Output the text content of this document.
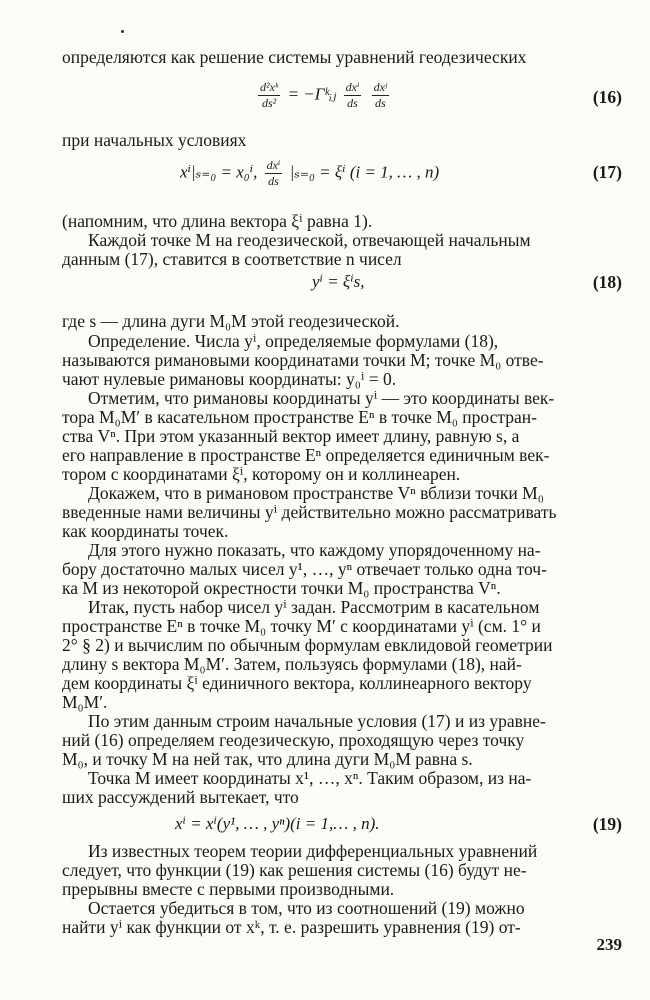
определяются как решение системы уравнений геодезических
$\frac{\text{d²xᵏ}}{\text{ds²}}$ = −Γᵏᵢⱼ $\frac{\text{dxⁱ}}{ds}$
$\frac{\text{dxʲ}}{ds}$	(16)
при начальных условиях
xⁱ|ₛ₌₀ = x₀ⁱ, $\frac{\text{dxⁱ}}{ds} |_{s=0} = \xi^i$ (i = 1, … , n)	(17)
(напомним, что длина вектора ξⁱ равна 1).
Каждой точке M на геодезической, отвечающей начальным
данным (17), ставится в соответствие n чисел
yⁱ = ξⁱs,	(18)
где s — длина дуги M₀M этой геодезической.
Определение. Числа yⁱ, определяемые формулами (18),
называются римановыми координатами точки M; точке M₀ отве-
чают нулевые римановы координаты: y₀ⁱ = 0.
Отметим, что римановы координаты yⁱ — это координаты век-
тора M₀M′ в касательном пространстве Eⁿ в точке M₀ простран-
ства Vⁿ. При этом указанный вектор имеет длину, равную s, а
его направление в пространстве Eⁿ определяется единичным век-
тором с координатами ξⁱ, которому он и коллинеарен.
Докажем, что в римановом пространстве Vⁿ вблизи точки M₀
введенные нами величины yⁱ действительно можно рассматривать
как координаты точек.
Для этого нужно показать, что каждому упорядоченному на-
бору достаточно малых чисел y¹, …, yⁿ отвечает только одна точ-
ка M из некоторой окрестности точки M₀ пространства Vⁿ.
Итак, пусть набор чисел yⁱ задан. Рассмотрим в касательном
пространстве Eⁿ в точке M₀ точку M′ с координатами yⁱ (см. 1° и
2° § 2) и вычислим по обычным формулам евклидовой геометрии
длину s вектора M₀M′. Затем, пользуясь формулами (18), най-
дем координаты ξⁱ единичного вектора, коллинеарного вектору
M₀M′.
По этим данным строим начальные условия (17) и из уравне-
ний (16) определяем геодезическую, проходящую через точку
M₀, и точку M на ней так, что длина дуги M₀M равна s.
Точка M имеет координаты x¹, …, xⁿ. Таким образом, из на-
ших рассуждений вытекает, что
xⁱ = xⁱ(y¹, … , yⁿ)(i = 1,… , n).	(19)
Из известных теорем теории дифференциальных уравнений
следует, что функции (19) как решения системы (16) будут не-
прерывны вместе с первыми производными.
Остается убедиться в том, что из соотношений (19) можно
найти yⁱ как функции от xᵏ, т. е. разрешить уравнения (19) от-
239
